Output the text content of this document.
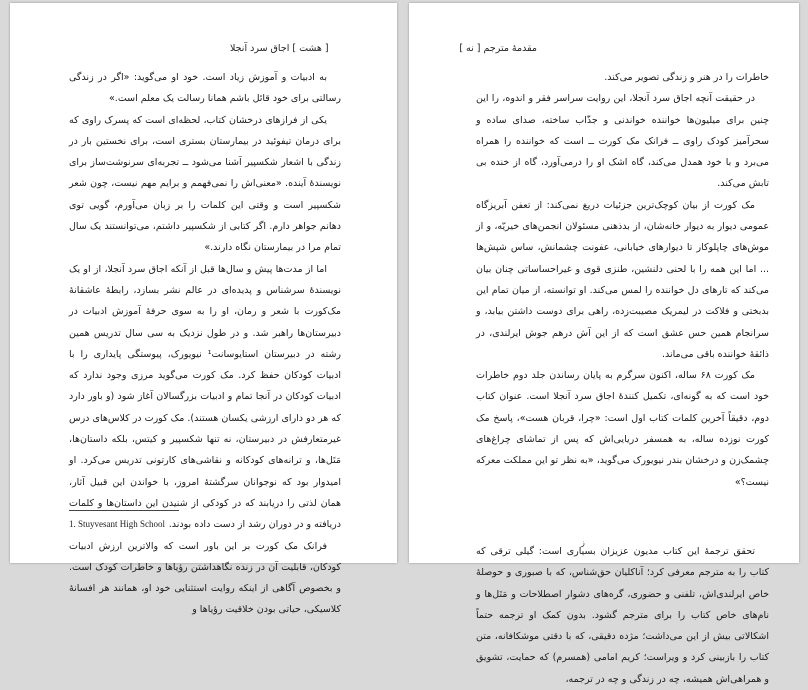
[ هشت ] اجاق سرد آنجلا

به ادبیات و آموزش زیاد است. خود او می‌گوید: «اگر در زندگی رسالتی برای خود قائل باشم همانا رسالت یک معلم است.»

یکی از فرازهای درخشان کتاب، لحظه‌ای است که پسرک راوی که برای درمان تیفوئید در بیمارستان بستری است، برای نخستین بار در زندگی با اشعار شکسپیر آشنا می‌شود ــ تجربه‌ای سرنوشت‌ساز برای نویسندهٔ آینده. «معنی‌اش را نمی‌فهمم و برایم مهم نیست، چون شعر شکسپیر است و وقتی این کلمات را بر زبان می‌آورم، گویی توی دهانم جواهر دارم. اگر کتابی از شکسپیر داشتم، می‌توانستند یک سال تمام مرا در بیمارستان نگاه دارند.»

اما از مدت‌ها پیش و سال‌ها قبل از آنکه اجاق سرد آنجلا، از او یک نویسندهٔ سرشناس و پدیده‌ای در عالم نشر بسازد، رابطهٔ عاشقانهٔ مک‌کورت با شعر و رمان، او را به سوی حرفهٔ آموزش ادبیات در دبیرستان‌ها راهبر شد. و در طول نزدیک به سی سال تدریس همین رشته در دبیرستان استایوسانت¹ نیویورک، پیوستگی پایداری را با ادبیات کودکان حفظ کرد. مک کورت می‌گوید مرزی وجود ندارد که ادبیات کودکان در آنجا تمام و ادبیات بزرگسالان آغاز شود (و باور دارد که هر دو دارای ارزشی یکسان هستند). مک کورت در کلاس‌های درس غیرمتعارفش در دبیرستان، نه تنها شکسپیر و کیتس، بلکه داستان‌ها، مَتَل‌ها، و ترانه‌های کودکانه و نقاشی‌های کارتونی تدریس می‌کرد. او امیدوار بود که نوجوانان سرگشتهٔ امروز، با خواندن این قبیل آثار، همان لذتی را دریابند که در کودکی از شنیدن این داستان‌ها و کلمات دریافته و در دوران رشد از دست داده بودند.

فرانک مک کورت بر این باور است که والاترین ارزش ادبیات کودکان، قابلیت آن در زنده نگاهداشتن رؤیاها و خاطرات کودک است. و بخصوص آگاهی از اینکه روایت استثنایی خود او، همانند هر افسانهٔ کلاسیکی، حیاتی بودن خلاقیت رؤیاها و

1. Stuyvesant High School
مقدمهٔ مترجم [ نه ]

خاطرات را در هنر و زندگی تصویر می‌کند.

در حقیقت آنچه اجاق سرد آنجلا، این روایت سراسر فقر و اندوه، را این چنین برای میلیون‌ها خواننده خواندنی و جذّاب ساخته، صدای ساده و سحرآمیز کودک راوی ــ فرانک مک کورت ــ است که خواننده را همراه می‌برد و با خود همدل می‌کند، گاه اشک او را درمی‌آورد، گاه از خنده بی تابش می‌کند.

مک کورت از بیان کوچک‌ترین جزئیات دریغ نمی‌کند: از تعفن آبریزگاه عمومی دیوار به دیوار خانه‌شان، از بدذهنی مسئولان انجمن‌های خیریّه، و از موش‌های چاپلوکار تا دیوارهای خیابانی، عفونت چشمانش، ساس شپش‌ها ... اما این همه را با لحنی دلنشین، طنزی قوی و غیراحساساتی چنان بیان می‌کند که تارهای دل خواننده را لمس می‌کند. او توانسته، از میان تمام این بدبختی و فلاکت در لیمریک مصیبت‌زده، راهی برای دوست داشتن بیابد، و سرانجام همین حس عشق است که از این آش درهم جوش ایرلندی، در ذائقهٔ خواننده باقی می‌ماند.

مک کورت ۶۸ ساله، اکنون سرگرم به پایان رساندن جلد دوم خاطرات خود است که به گونه‌ای، تکمیل کنندهٔ اجاق سرد آنجلا است. عنوان کتاب دوم، دقیقاً آخرین کلمات کتاب اول است: «چرا، قربان هست»، پاسخ مک کورت نوزده ساله، به همسفر دریایی‌اش که پس از تماشای چراغ‌های چشمک‌زن و درخشان بندر نیویورک می‌گوید، «به نظر تو این مملکت معرکه نیست؟»

تحقق ترجمهٔ این کتاب مدیون عزیزان بسیاری است: گیلی ترقی که کتاب را به مترجم معرفی کرد؛ آناکلیان حق‌شناس، که با صبوری و حوصلهٔ خاص ایرلندی‌اش، تلفنی و حضوری، گره‌های دشوار اصطلاحات و مَتَل‌ها و نام‌های خاص کتاب را برای مترجم گشود. بدون کمک او ترجمه حتماً اشکالاتی بیش از این می‌داشت؛ مژده دقیقی، که با دقتی موشکافانه، متن کتاب را بازبینی کرد و ویراست؛ کریم امامی (همسرم) که حمایت، تشویق و همراهی‌اش همیشه، چه در زندگی و چه در ترجمه،

ز
